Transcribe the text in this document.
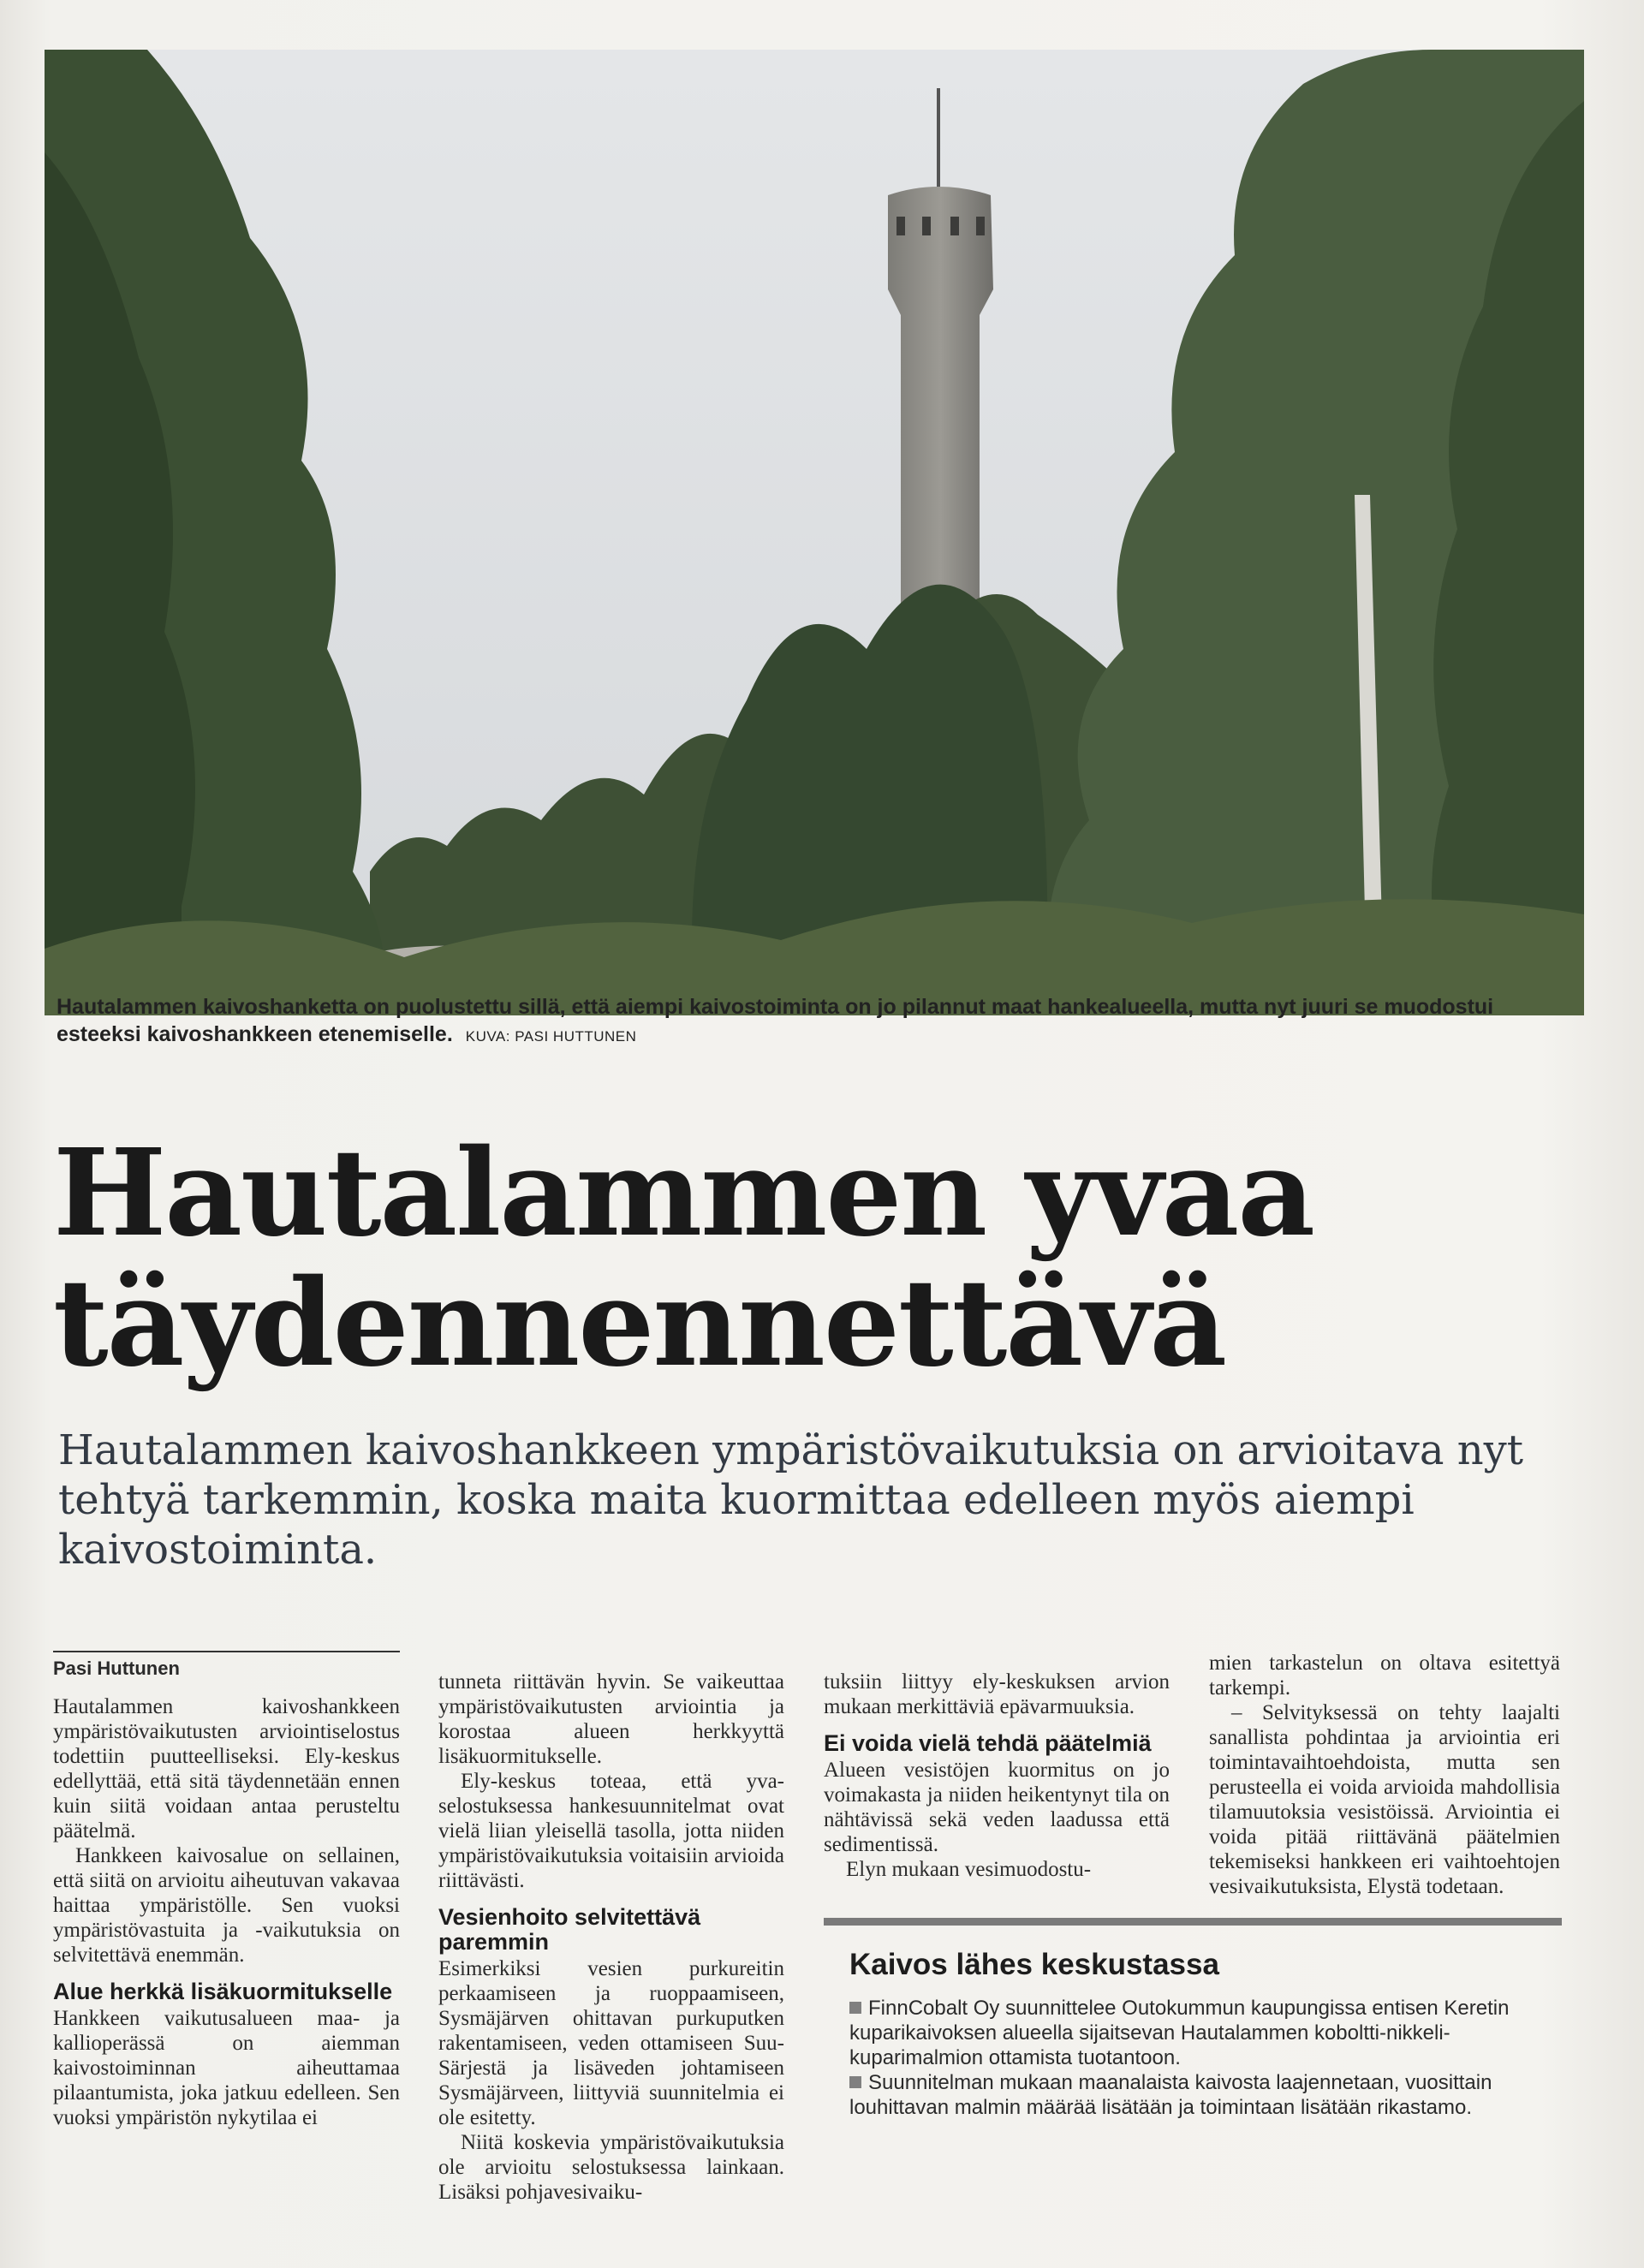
Hautalammen kaivoshanketta on puolustettu sillä, että aiempi kaivostoiminta on jo pilannut maat hankealueella, mutta nyt juuri se muodostui esteeksi kaivoshankkeen etenemiselle. KUVA: PASI HUTTUNEN
Hautalammen yvaa
täydennennettävä

Hautalammen kaivoshankkeen ympäristövaikutuksia on arvioitava nyt tehtyä tarkemmin, koska maita kuormittaa edelleen myös aiempi kaivostoiminta.

Pasi Huttunen

Hautalammen kaivoshankkeen ympäristövaikutusten arviointiselostus todettiin puutteelliseksi. Ely-keskus edellyttää, että sitä täydennetään ennen kuin siitä voidaan antaa perusteltu päätelmä.

Hankkeen kaivosalue on sellainen, että siitä on arvioitu aiheutuvan vakavaa haittaa ympäristölle. Sen vuoksi ympäristövastuita ja -vaikutuksia on selvitettävä enemmän.

Alue herkkä lisäkuormitukselle

Hankkeen vaikutusalueen maa- ja kallioperässä on aiemman kaivostoiminnan aiheuttamaa pilaantumista, joka jatkuu edelleen. Sen vuoksi ympäristön nykytilaa ei

tunneta riittävän hyvin. Se vaikeuttaa ympäristövaikutusten arviointia ja korostaa alueen herkkyyttä lisäkuormitukselle.

Ely-keskus toteaa, että yva-selostuksessa hankesuunnitelmat ovat vielä liian yleisellä tasolla, jotta niiden ympäristövaikutuksia voitaisiin arvioida riittävästi.

Vesienhoito selvitettävä paremmin

Esimerkiksi vesien purkureitin perkaamiseen ja ruoppaamiseen, Sysmäjärven ohittavan purkuputken rakentamiseen, veden ottamiseen Suu-Särjestä ja lisäveden johtamiseen Sysmäjärveen, liittyviä suunnitelmia ei ole esitetty.

Niitä koskevia ympäristövaikutuksia ole arvioitu selostuksessa lainkaan. Lisäksi pohjavesivaiku-

tuksiin liittyy ely-keskuksen arvion mukaan merkittäviä epävarmuuksia.

Ei voida vielä tehdä päätelmiä

Alueen vesistöjen kuormitus on jo voimakasta ja niiden heikentynyt tila on nähtävissä sekä veden laadussa että sedimentissä.

Elyn mukaan vesimuodostu-

mien tarkastelun on oltava esitettyä tarkempi.

– Selvityksessä on tehty laajalti sanallista pohdintaa ja arviointia eri toimintavaihtoehdoista, mutta sen perusteella ei voida arvioida mahdollisia tilamuutoksia vesistöissä. Arviointia ei voida pitää riittävänä päätelmien tekemiseksi hankkeen eri vaihtoehtojen vesivaikutuksista, Elystä todetaan.

Kaivos lähes keskustassa

FinnCobalt Oy suunnittelee Outokummun kaupungissa entisen Keretin kuparikaivoksen alueella sijaitsevan Hautalammen koboltti-nikkeli-kuparimalmion ottamista tuotantoon.

Suunnitelman mukaan maanalaista kaivosta laajennetaan, vuosittain louhittavan malmin määrää lisätään ja toimintaan lisätään rikastamo.
